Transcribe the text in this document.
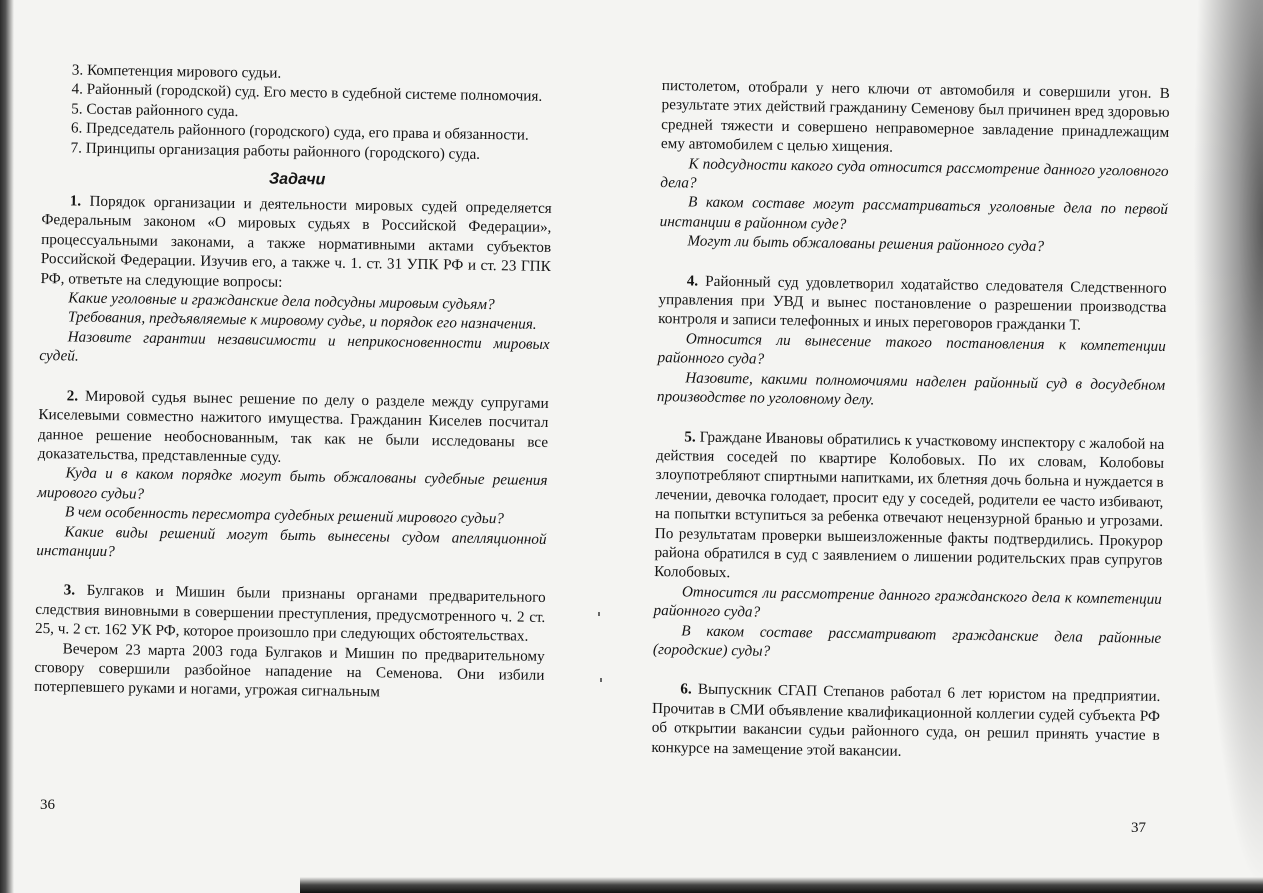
3. Компетенция мирового судьи.

4. Районный (городской) суд. Его место в судебной системе полномочия.

5. Состав районного суда.

6. Председатель районного (городского) суда, его права и обязанности.

7. Принципы организация работы районного (городского) суда.

Задачи

1. Порядок организации и деятельности мировых судей определяется Федеральным законом «О мировых судьях в Российской Федерации», процессуальными законами, а также нормативными актами субъектов Российской Федерации. Изучив его, а также ч. 1. ст. 31 УПК РФ и ст. 23 ГПК РФ, ответьте на следующие вопросы:

Какие уголовные и гражданские дела подсудны мировым судьям?

Требования, предъявляемые к мировому судье, и порядок его назначения.

Назовите гарантии независимости и неприкосновенности мировых судей.

2. Мировой судья вынес решение по делу о разделе между супругами Киселевыми совместно нажитого имущества. Гражданин Киселев посчитал данное решение необоснованным, так как не были исследованы все доказательства, представленные суду.

Куда и в каком порядке могут быть обжалованы судебные решения мирового судьи?

В чем особенность пересмотра судебных решений мирового судьи?

Какие виды решений могут быть вынесены судом апелляционной инстанции?

3. Булгаков и Мишин были признаны органами предварительного следствия виновными в совершении преступления, предусмотренного ч. 2 ст. 25, ч. 2 ст. 162 УК РФ, которое произошло при следующих обстоятельствах.

Вечером 23 марта 2003 года Булгаков и Мишин по предварительному сговору совершили разбойное нападение на Семенова. Они избили потерпевшего руками и ногами, угрожая сигнальным

36

пистолетом, отобрали у него ключи от автомобиля и совершили угон. В результате этих действий гражданину Семенову был причинен вред здоровью средней тяжести и совершено неправомерное завладение принадлежащим ему автомобилем с целью хищения.

К подсудности какого суда относится рассмотрение данного уголовного дела?

В каком составе могут рассматриваться уголовные дела по первой инстанции в районном суде?

Могут ли быть обжалованы решения районного суда?

4. Районный суд удовлетворил ходатайство следователя Следственного управления при УВД и вынес постановление о разрешении производства контроля и записи телефонных и иных переговоров гражданки Т.

Относится ли вынесение такого постановления к компетенции районного суда?

Назовите, какими полномочиями наделен районный суд в досудебном производстве по уголовному делу.

5. Граждане Ивановы обратились к участковому инспектору с жалобой на действия соседей по квартире Колобовых. По их словам, Колобовы злоупотребляют спиртными напитками, их блетняя дочь больна и нуждается в лечении, девочка голодает, просит еду у соседей, родители ее часто избивают, на попытки вступиться за ребенка отвечают нецензурной бранью и угрозами. По результатам проверки вышеизложенные факты подтвердились. Прокурор района обратился в суд с заявлением о лишении родительских прав супругов Колобовых.

Относится ли рассмотрение данного гражданского дела к компетенции районного суда?

В каком составе рассматривают гражданские дела районные (городские) суды?

6. Выпускник СГАП Степанов работал 6 лет юристом на предприятии. Прочитав в СМИ объявление квалификационной коллегии судей субъекта РФ об открытии вакансии судьи районного суда, он решил принять участие в конкурсе на замещение этой вакансии.

37
